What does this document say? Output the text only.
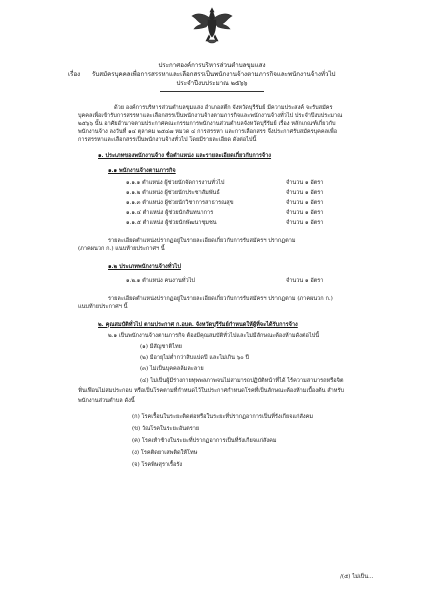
ประกาศองค์การบริหารส่วนตำบลขุมแสง
เรื่อง รับสมัครบุคคลเพื่อการสรรหาและเลือกสรรเป็นพนักงานจ้างตามภารกิจและพนักงานจ้างทั่วไป
ประจำปีงบประมาณ ๒๕๖๖
ด้วย องค์การบริหารส่วนตำบลขุมแสง อำเภอสตึก จังหวัดบุรีรัมย์ มีความประสงค์ จะรับสมัคร
บุคคลเพื่อเข้ารับการสรรหาและเลือกสรรเป็นพนักงานจ้างตามภารกิจและพนักงานจ้างทั่วไป ประจำปีงบประมาณ
๒๕๖๖ นั้น อาศัยอำนาจตามประกาศคณะกรรมการพนักงานส่วนตำบลจังหวัดบุรีรัมย์ เรื่อง หลักเกณฑ์เกี่ยวกับ
พนักงานจ้าง ลงวันที่ ๑๔ ตุลาคม ๒๕๔๗ หมวด ๔ การสรรหา และการเลือกสรร จึงประกาศรับสมัครบุคคลเพื่อ
การสรรหาและเลือกสรรเป็นพนักงานจ้างทั่วไป โดยมีรายละเอียด ดังต่อไปนี้
๑. ประเภทของพนักงานจ้าง ชื่อตำแหน่ง และรายละเอียดเกี่ยวกับการจ้าง
๑.๑ พนักงานจ้างตามภารกิจ
๑.๑.๑ ตำแหน่ง ผู้ช่วยนักจัดการงานทั่วไป	จำนวน ๑ อัตรา
๑.๑.๒ ตำแหน่ง ผู้ช่วยนักประชาสัมพันธ์	จำนวน ๑ อัตรา
๑.๑.๓ ตำแหน่ง ผู้ช่วยนักวิชาการสาธารณสุข	จำนวน ๑ อัตรา
๑.๑.๔ ตำแหน่ง ผู้ช่วยนักสันทนาการ	จำนวน ๑ อัตรา
๑.๑.๕ ตำแหน่ง ผู้ช่วยนักพัฒนาชุมชน	จำนวน ๑ อัตรา
รายละเอียดตำแหน่งปรากฏอยู่ในรายละเอียดเกี่ยวกับการรับสมัครฯ ปรากฏตาม
(ภาคผนวก ก.) แนบท้ายประกาศฯ นี้
๑.๒ ประเภทพนักงานจ้างทั่วไป
๑.๒.๑ ตำแหน่ง คนงานทั่วไป	จำนวน ๑ อัตรา
รายละเอียดตำแหน่งปรากฏอยู่ในรายละเอียดเกี่ยวกับการรับสมัครฯ ปรากฏตาม (ภาคผนวก ก.)
แนบท้ายประกาศฯ นี้
๒. คุณสมบัติทั่วไป ตามประกาศ ก.อบต. จังหวัดบุรีรัมย์กำหนดให้ผู้ที่จะได้รับการจ้าง
๒.๑ เป็นพนักงานจ้างตามภารกิจ ต้องมีคุณสมบัติทั่วไปและไม่มีลักษณะต้องห้ามดังต่อไปนี้
(๑) มีสัญชาติไทย
(๒) มีอายุไม่ต่ำกว่าสิบแปดปี และไม่เกิน ๖๐ ปี
(๓) ไม่เป็นบุคคลล้มละลาย
(๔) ไม่เป็นผู้มีร่างกายทุพพลภาพจนไม่สามารถปฏิบัติหน้าที่ได้ ไร้ความสามารถหรือจิต
ฟั่นเฟือนไม่สมประกอบ หรือเป็นโรคตามที่กำหนดไว้ในประกาศกำหนดโรคที่เป็นลักษณะต้องห้ามเบื้องต้น สำหรับ
พนักงานส่วนตำบล ดังนี้
(ก) โรคเรื้อนในระยะติดต่อหรือในระยะที่ปรากฏอาการเป็นที่รังเกียจแก่สังคม
(ข) วัณโรคในระยะอันตราย
(ค) โรคเท้าช้างในระยะที่ปรากฏอาการเป็นที่รังเกียจแก่สังคม
(ง) โรคติดยาเสพติดให้โทษ
(จ) โรคพิษสุราเรื้อรัง
/(๕) ไม่เป็น...
